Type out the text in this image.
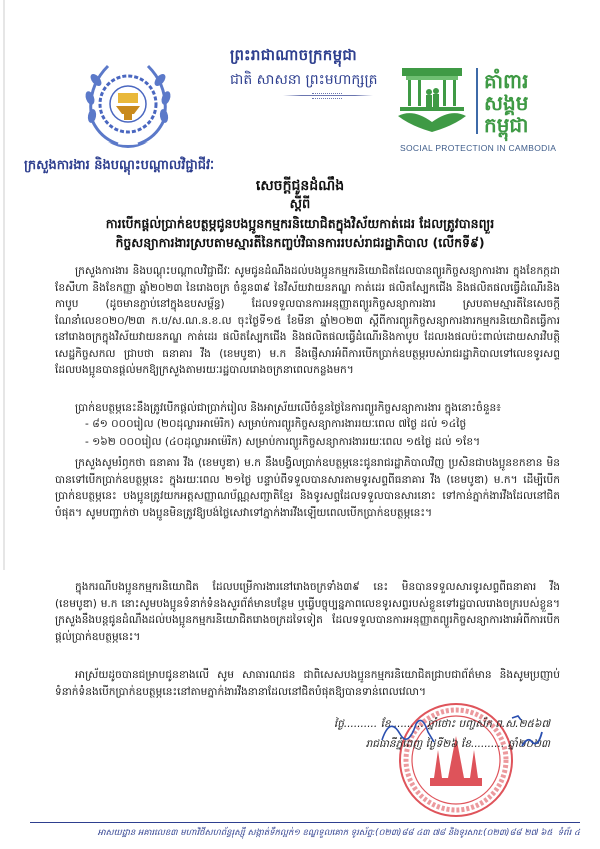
ព្រះរាជាណាចក្រកម្ពុជា
ជាតិ សាសនា ព្រះមហាក្សត្រ	គាំពារ
សង្គម
កម្ពុជា
SOCIAL PROTECTION IN CAMBODIA
ក្រសួងការងារ និងបណ្តុះបណ្តាលវិជ្ជាជីវៈ
សេចក្តីជូនដំណឹង
ស្តីពី
ការបើកផ្តល់ប្រាក់ឧបត្ថម្ភជូនបងប្អូនកម្មករនិយោជិតក្នុងវិស័យកាត់ដេរ ដែលត្រូវបានព្យួរ
កិច្ចសន្យាការងារស្របតាមស្មារតីនៃកញ្ចប់វិធានការរបស់រាជរដ្ឋាភិបាល (លើកទី៩)
ក្រសួងការងារ និងបណ្តុះបណ្តាលវិជ្ជាជីវៈ សូមជូនដំណឹងដល់បងប្អូនកម្មករនិយោជិតដែលបានព្យួរកិច្ចសន្យាការងារ ក្នុងខែកក្កដា ខែសីហា និងខែកញ្ញា ឆ្នាំ២០២៣ នៃរោងចក្រ ចំនួន៣៩ នៃវិស័យវាយនភណ្ឌ កាត់ដេរ ផលិតស្បែកជើង និងផលិតផលធ្វើដំណើរនិងកាបូប (ដូចមានភ្ជាប់នៅក្នុងឧបសម្ព័ន្ធ) ដែលទទួលបានការអនុញ្ញាតព្យួរកិច្ចសន្យាការងារ ស្របតាមស្មារតីនៃសេចក្តីណែនាំលេខ០២០/២៣ ក.ប/ស.ណ.ន.ខ.ល ចុះថ្ងៃទី១៥ ខែមីនា ឆ្នាំ២០២៣ ស្តីពីការព្យួរកិច្ចសន្យាការងារកម្មករនិយោជិតធ្វើការនៅរោងចក្រក្នុងវិស័យវាយនភណ្ឌ កាត់ដេរ ផលិតស្បែកជើង និងផលិតផលធ្វើដំណើរនិងកាបូប ដែលរងផលប៉ះពាល់ដោយសារវិបត្តិសេដ្ឋកិច្ចសកល ជ្រាបថា ធនាគារ វីង (ខេមបូឌា) ម.ក នឹងផ្ញើសារអំពីការបើកប្រាក់ឧបត្ថម្ភរបស់រាជរដ្ឋាភិបាលទៅលេខទូរសព្ទ ដែលបងប្អូនបានផ្តល់មកឱ្យក្រសួងតាមរយៈរដ្ឋបាលរោងចក្រនាពេលកន្លងមក។
ប្រាក់ឧបត្ថម្ភនេះនឹងត្រូវបើកផ្តល់ជាប្រាក់រៀល និងអាស្រ័យលើចំនួនថ្ងៃនៃការព្យួរកិច្ចសន្យាការងារ ក្នុងនោះចំនួន៖
- ៨១ ០០០រៀល (២០ដុល្លារអាម៉េរិក) សម្រាប់ការព្យួរកិច្ចសន្យាការងាររយៈពេល ៧ថ្ងៃ ដល់ ១៤ថ្ងៃ
- ១៦២ ០០០រៀល (៤០ដុល្លារអាម៉េរិក) សម្រាប់ការព្យួរកិច្ចសន្យាការងាររយៈពេល ១៥ថ្ងៃ ដល់ ១ខែ។
ក្រសួងសូមរំឭកថា ធនាគារ វីង (ខេមបូឌា) ម.ក នឹងបង្វិលប្រាក់ឧបត្ថម្ភនេះជូនរាជរដ្ឋាភិបាលវិញ ប្រសិនជាបងប្អូនខកខាន មិនបានទៅបើកប្រាក់ឧបត្ថម្ភនេះ ក្នុងរយៈពេល ២១ថ្ងៃ បន្ទាប់ពីទទួលបានសារតាមទូរសព្ទពីធនាគារ វីង (ខេមបូឌា) ម.ក។ ដើម្បីបើកប្រាក់ឧបត្ថម្ភនេះ បងប្អូនត្រូវយកអត្តសញ្ញាណប័ណ្ណសញ្ជាតិខ្មែរ និងទូរសព្ទដែលទទួលបានសារនោះ ទៅកាន់ភ្នាក់ងារវីងដែលនៅជិតបំផុត។ សូមបញ្ជាក់ថា បងប្អូនមិនត្រូវឱ្យបង់ថ្លៃសេវាទៅភ្នាក់ងារវីងឡើយពេលបើកប្រាក់ឧបត្ថម្ភនេះ។
ក្នុងករណីបងប្អូនកម្មករនិយោជិត ដែលបម្រើការងារនៅរោងចក្រទាំង៣៩ នេះ មិនបានទទួលសារទូរសព្ទពីធនាគារ វីង (ខេមបូឌា) ម.ក នោះសូមបងប្អូនទំនាក់ទំនងសួរព័ត៌មានបន្ថែម ឬធ្វើបច្ចុប្បន្នភាពលេខទូរសព្ទរបស់ខ្លួនទៅរដ្ឋបាលរោងចក្ររបស់ខ្លួន។ ក្រសួងនឹងបន្តជូនដំណឹងដល់បងប្អូនកម្មករនិយោជិតរោងចក្រដទៃទៀត ដែលទទួលបានការអនុញ្ញាតព្យួរកិច្ចសន្យាការងារអំពីការបើកផ្តល់ប្រាក់ឧបត្ថម្ភនេះ។
អាស្រ័យដូចបានជម្រាបជូនខាងលើ សូម សាធារណជន ជាពិសេសបងប្អូនកម្មករនិយោជិតជ្រាបជាព័ត៌មាន និងសូមប្រញាប់ទំនាក់ទំនងបើកប្រាក់ឧបត្ថម្ភនេះនៅតាមភ្នាក់ងារវីងនានាដែលនៅជិតបំផុតឱ្យបានទាន់ពេលវេលា។
ថ្ងៃ.......... ខែ.......... ឆ្នាំថោះ បញ្ចស័ក ព.ស.២៥៦៧
រាជធានីភ្នំពេញ ថ្ងៃទី២៦ ខែ.......... ឆ្នាំ២០២៣
អាសយដ្ឋាន អគារលេខ៣ មហាវិថីសហព័ន្ធរុស្ស៊ី សង្កាត់ទឹកល្អក់១ ខណ្ឌទួលគោក ទូរស័ព្ទ:(០២៣)៨៨ ៤៣ ៧៨ និងទូរសារ:(០២៣)៨៨ ២៧ ៦៥ ទំព័រ ៤
